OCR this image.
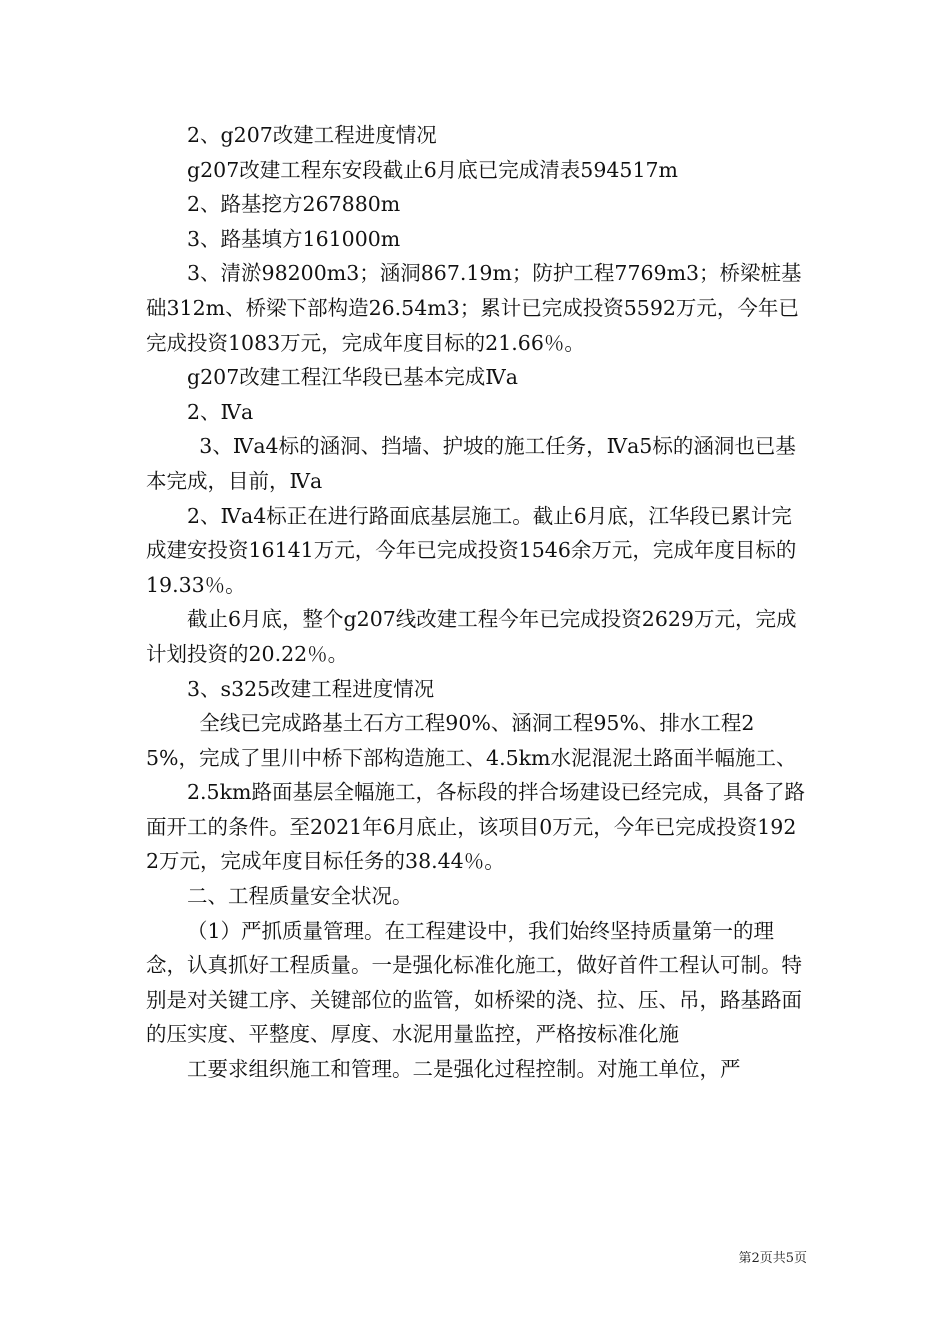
2、g207改建工程进度情况

g207改建工程东安段截止6月底已完成清表594517m

2、路基挖方267880m

3、路基填方161000m

3、清淤98200m3；涵洞867.19m；防护工程7769m3；桥梁桩基础312m、桥梁下部构造26.54m3；累计已完成投资5592万元，今年已完成投资1083万元，完成年度目标的21.66％。

g207改建工程江华段已基本完成Ⅳa

2、Ⅳa

3、Ⅳa4标的涵洞、挡墙、护坡的施工任务，Ⅳa5标的涵洞也已基本完成，目前，Ⅳa

2、Ⅳa4标正在进行路面底基层施工。截止6月底，江华段已累计完成建安投资16141万元，今年已完成投资1546余万元，完成年度目标的19.33％。

截止6月底，整个g207线改建工程今年已完成投资2629万元，完成计划投资的20.22％。

3、s325改建工程进度情况

全线已完成路基土石方工程90%、涵洞工程95%、排水工程25%，完成了里川中桥下部构造施工、4.5km水泥混泥土路面半幅施工、

2.5km路面基层全幅施工，各标段的拌合场建设已经完成，具备了路面开工的条件。至2021年6月底止，该项目0万元，今年已完成投资1922万元，完成年度目标任务的38.44％。

二、工程质量安全状况。

（1）严抓质量管理。在工程建设中，我们始终坚持质量第一的理念，认真抓好工程质量。一是强化标准化施工，做好首件工程认可制。特别是对关键工序、关键部位的监管，如桥梁的浇、拉、压、吊，路基路面的压实度、平整度、厚度、水泥用量监控，严格按标准化施

工要求组织施工和管理。二是强化过程控制。对施工单位，严

第2页共5页
